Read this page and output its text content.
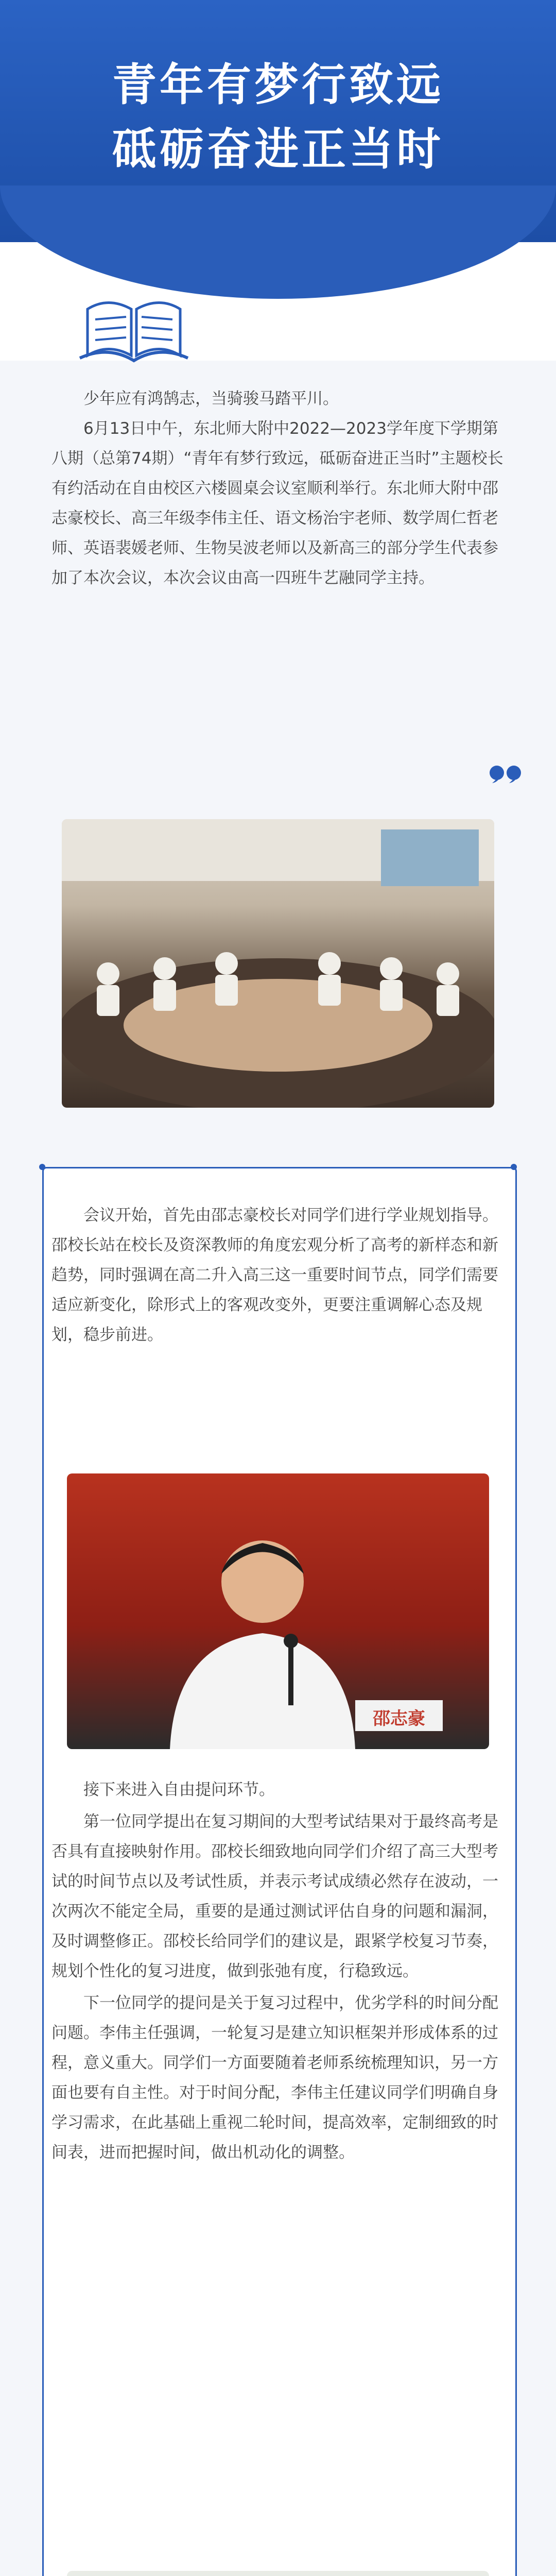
青年有梦行致远
砥砺奋进正当时

少年应有鸿鹄志，当骑骏马踏平川。

6月13日中午，东北师大附中2022—2023学年度下学期第八期（总第74期）“青年有梦行致远，砥砺奋进正当时”主题校长有约活动在自由校区六楼圆桌会议室顺利举行。东北师大附中邵志豪校长、高三年级李伟主任、语文杨治宇老师、数学周仁哲老师、英语裴媛老师、生物吴波老师以及新高三的部分学生代表参加了本次会议，本次会议由高一四班牛艺融同学主持。

会议开始，首先由邵志豪校长对同学们进行学业规划指导。邵校长站在校长及资深教师的角度宏观分析了高考的新样态和新趋势，同时强调在高二升入高三这一重要时间节点，同学们需要适应新变化，除形式上的客观改变外，更要注重调解心态及规划，稳步前进。

邵志豪

接下来进入自由提问环节。

第一位同学提出在复习期间的大型考试结果对于最终高考是否具有直接映射作用。邵校长细致地向同学们介绍了高三大型考试的时间节点以及考试性质，并表示考试成绩必然存在波动，一次两次不能定全局，重要的是通过测试评估自身的问题和漏洞，及时调整修正。邵校长给同学们的建议是，跟紧学校复习节奏，规划个性化的复习进度，做到张弛有度，行稳致远。

下一位同学的提问是关于复习过程中，优劣学科的时间分配问题。李伟主任强调，一轮复习是建立知识框架并形成体系的过程，意义重大。同学们一方面要随着老师系统梳理知识，另一方面也要有自主性。对于时间分配，李伟主任建议同学们明确自身学习需求，在此基础上重视二轮时间，提高效率，定制细致的时间表，进而把握时间，做出机动化的调整。
